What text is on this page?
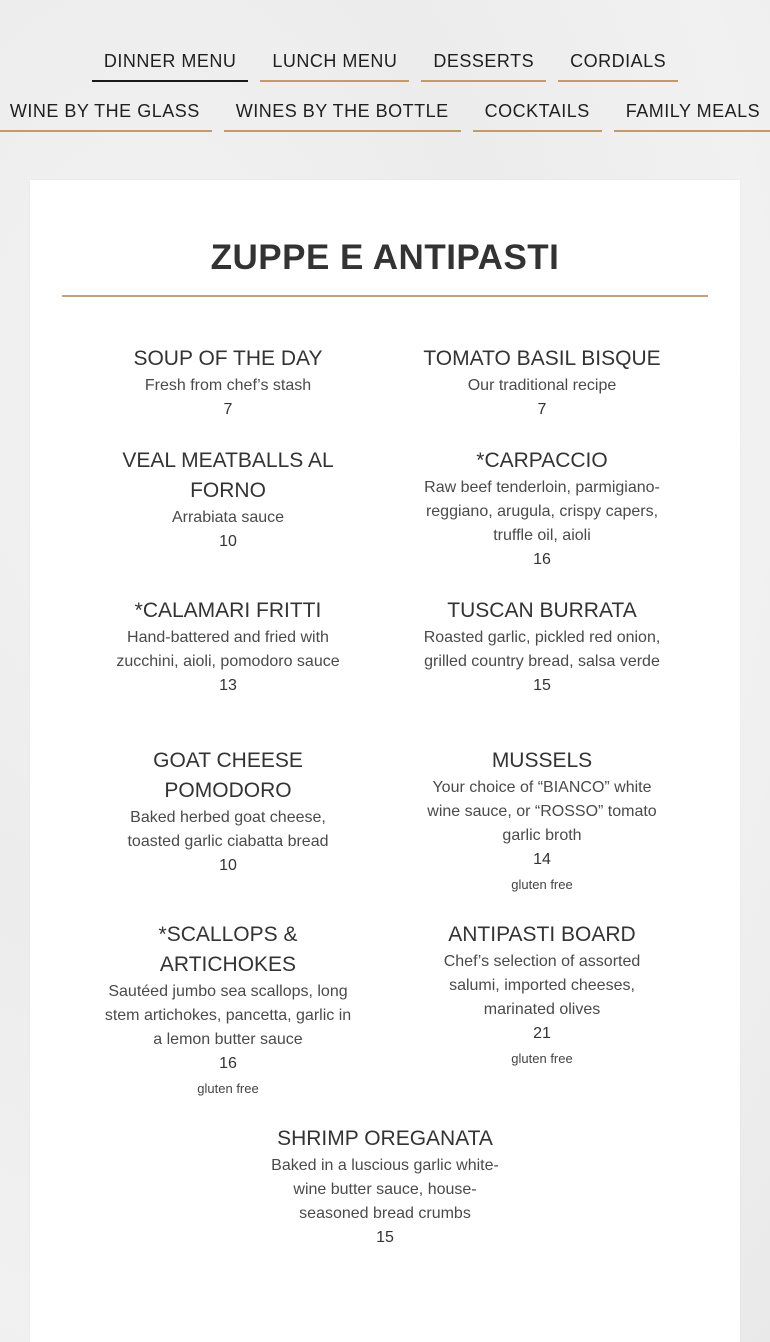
DINNER MENU	LUNCH MENU	DESSERTS	CORDIALS
WINE BY THE GLASS	WINES BY THE BOTTLE	COCKTAILS	FAMILY MEALS
ZUPPE E ANTIPASTI
SOUP OF THE DAY
Fresh from chef’s stash
7
TOMATO BASIL BISQUE
Our traditional recipe
7
VEAL MEATBALLS AL FORNO
Arrabiata sauce
10
*CARPACCIO
Raw beef tenderloin, parmigiano-reggiano, arugula, crispy capers, truffle oil, aioli
16
*CALAMARI FRITTI
Hand-battered and fried with zucchini, aioli, pomodoro sauce
13
TUSCAN BURRATA
Roasted garlic, pickled red onion, grilled country bread, salsa verde
15
GOAT CHEESE POMODORO
Baked herbed goat cheese, toasted garlic ciabatta bread
10
MUSSELS
Your choice of “BIANCO” white wine sauce, or “ROSSO” tomato garlic broth
14
gluten free
*SCALLOPS & ARTICHOKES
Sautéed jumbo sea scallops, long stem artichokes, pancetta, garlic in a lemon butter sauce
16
gluten free
ANTIPASTI BOARD
Chef’s selection of assorted salumi, imported cheeses, marinated olives
21
gluten free
SHRIMP OREGANATA
Baked in a luscious garlic white-wine butter sauce, house-seasoned bread crumbs
15
